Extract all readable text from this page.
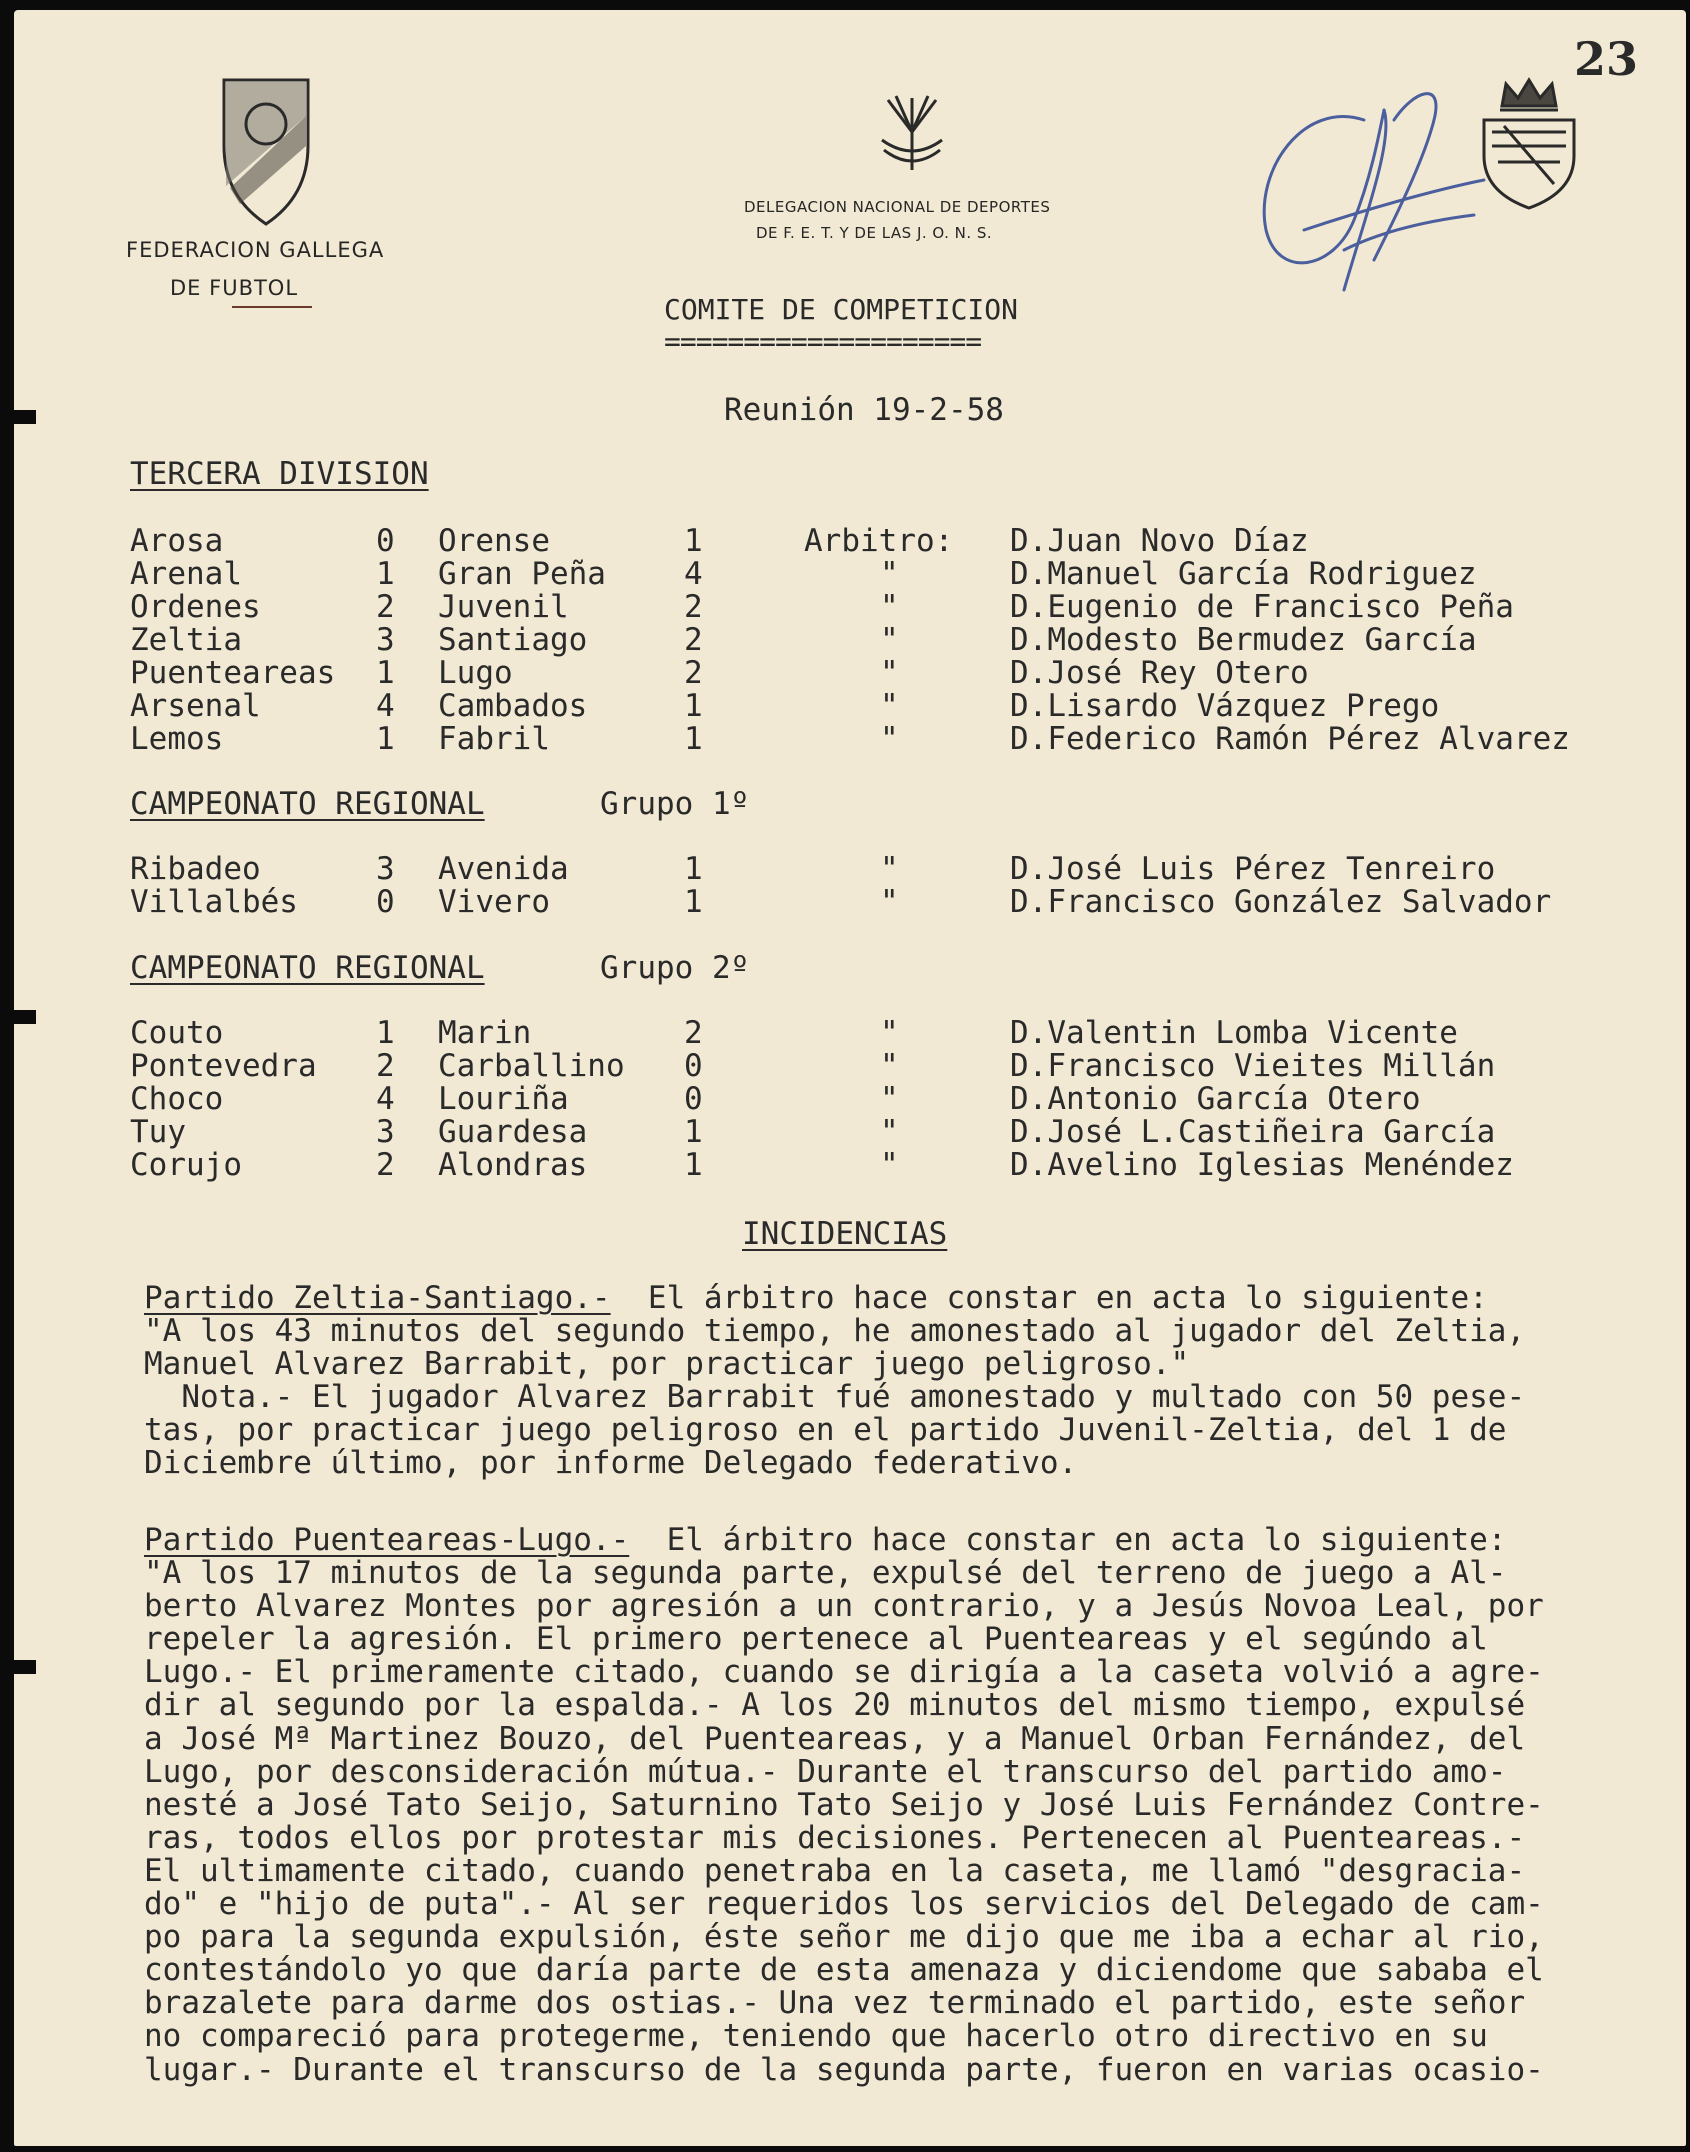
23
FEDERACION GALLEGA
DE FUBTOL
DELEGACION NACIONAL DE DEPORTES
DE F. E. T. Y DE LAS J. O. N. S.
COMITE DE COMPETICION
====================
Reunión 19-2-58
TERCERA DIVISION
Arosa	0 Orense	1	Arbitro: D.Juan Novo Díaz
Arenal	1 Gran Peña	4	"	D.Manuel García Rodriguez
Ordenes	2 Juvenil	2	"	D.Eugenio de Francisco Peña
Zeltia	3 Santiago	2	"	D.Modesto Bermudez García
Puenteareas 1 Lugo	2	"	D.José Rey Otero
Arsenal	4 Cambados	1	"	D.Lisardo Vázquez Prego
Lemos	1 Fabril	1	"	D.Federico Ramón Pérez Alvarez
CAMPEONATO REGIONAL	Grupo 1º
Ribadeo	3 Avenida	1	"	D.José Luis Pérez Tenreiro
Villalbés	0 Vivero	1	"	D.Francisco González Salvador
CAMPEONATO REGIONAL	Grupo 2º
Couto	1 Marin	2	"	D.Valentin Lomba Vicente
Pontevedra 2 Carballino 0	"	D.Francisco Vieites Millán
Choco	4 Louriña	0	"	D.Antonio García Otero
Tuy	3 Guardesa	1	"	D.José L.Castiñeira García
Corujo	2 Alondras	1	"	D.Avelino Iglesias Menéndez
INCIDENCIAS
Partido Zeltia-Santiago.-  El árbitro hace constar en acta lo siguiente:
"A los 43 minutos del segundo tiempo, he amonestado al jugador del Zeltia,
Manuel Alvarez Barrabit, por practicar juego peligroso."
Nota.- El jugador Alvarez Barrabit fué amonestado y multado con 50 pese-
tas, por practicar juego peligroso en el partido Juvenil-Zeltia, del 1 de
Diciembre último, por informe Delegado federativo.
Partido Puenteareas-Lugo.-  El árbitro hace constar en acta lo siguiente:
"A los 17 minutos de la segunda parte, expulsé del terreno de juego a Al-
berto Alvarez Montes por agresión a un contrario, y a Jesús Novoa Leal, por
repeler la agresión. El primero pertenece al Puenteareas y el segúndo al
Lugo.- El primeramente citado, cuando se dirigía a la caseta volvió a agre-
dir al segundo por la espalda.- A los 20 minutos del mismo tiempo, expulsé
a José Mª Martinez Bouzo, del Puenteareas, y a Manuel Orban Fernández, del
Lugo, por desconsideración mútua.- Durante el transcurso del partido amo-
nesté a José Tato Seijo, Saturnino Tato Seijo y José Luis Fernández Contre-
ras, todos ellos por protestar mis decisiones. Pertenecen al Puenteareas.-
El ultimamente citado, cuando penetraba en la caseta, me llamó "desgracia-
do" e "hijo de puta".- Al ser requeridos los servicios del Delegado de cam-
po para la segunda expulsión, éste señor me dijo que me iba a echar al rio,
contestándolo yo que daría parte de esta amenaza y diciendome que sababa el
brazalete para darme dos ostias.- Una vez terminado el partido, este señor
no compareció para protegerme, teniendo que hacerlo otro directivo en su
lugar.- Durante el transcurso de la segunda parte, fueron en varias ocasio-
